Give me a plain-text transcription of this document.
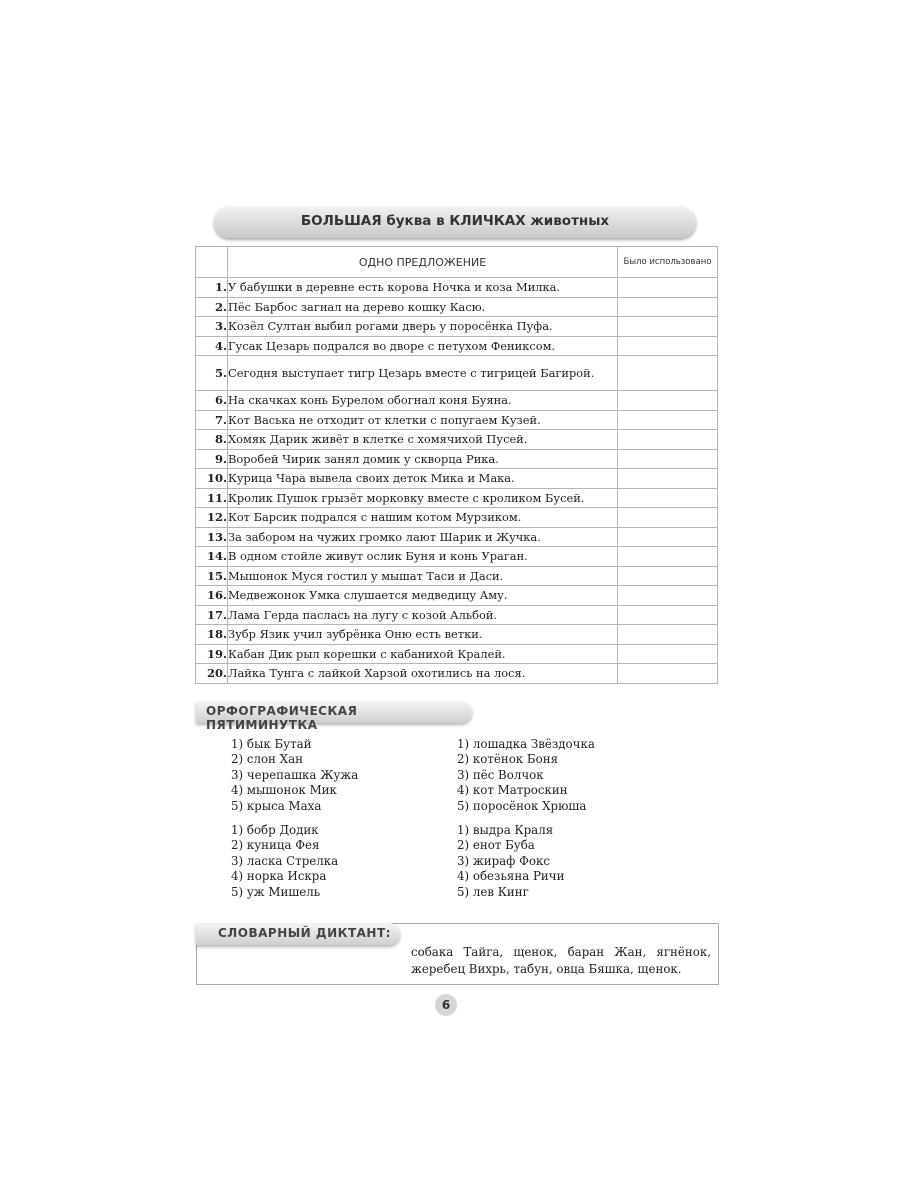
БОЛЬШАЯ буква в КЛИЧКАХ животных
	ОДНО ПРЕДЛОЖЕНИЕ	Было использовано
1.	У бабушки в деревне есть корова Ночка и коза Милка.	
2.	Пёс Барбос загнал на дерево кошку Касю.	
3.	Козёл Султан выбил рогами дверь у поросёнка Пуфа.	
4.	Гусак Цезарь подрался во дворе с петухом Фениксом.	
5.	Сегодня выступает тигр Цезарь вместе с тигрицей Багирой.	
6.	На скачках конь Бурелом обогнал коня Буяна.	
7.	Кот Васька не отходит от клетки с попугаем Кузей.	
8.	Хомяк Дарик живёт в клетке с хомячихой Пусей.	
9.	Воробей Чирик занял домик у скворца Рика.	
10.	Курица Чара вывела своих деток Мика и Мака.	
11.	Кролик Пушок грызёт морковку вместе с кроликом Бусей.	
12.	Кот Барсик подрался с нашим котом Мурзиком.	
13.	За забором на чужих громко лают Шарик и Жучка.	
14.	В одном стойле живут ослик Буня и конь Ураган.	
15.	Мышонок Муся гостил у мышат Таси и Даси.	
16.	Медвежонок Умка слушается медведицу Аму.	
17.	Лама Герда паслась на лугу с козой Альбой.	
18.	Зубр Язик учил зубрёнка Оню есть ветки.	
19.	Кабан Дик рыл корешки с кабанихой Кралей.	
20.	Лайка Тунга с лайкой Харзой охотились на лося.	
ОРФОГРАФИЧЕСКАЯ ПЯТИМИНУТКА
1) бык Бутай
2) слон Хан
3) черепашка Жужа
4) мышонок Мик
5) крыса Маха
1) лошадка Звёздочка
2) котёнок Боня
3) пёс Волчок
4) кот Матроскин
5) поросёнок Хрюша
1) бобр Додик
2) куница Фея
3) ласка Стрелка
4) норка Искра
5) уж Мишель
1) выдра Краля
2) енот Буба
3) жираф Фокс
4) обезьяна Ричи
5) лев Кинг
СЛОВАРНЫЙ ДИКТАНТ:
собака Тайга, щенок, баран Жан, ягнёнок, жеребец Вихрь, табун, овца Бяшка, щенок.
6
